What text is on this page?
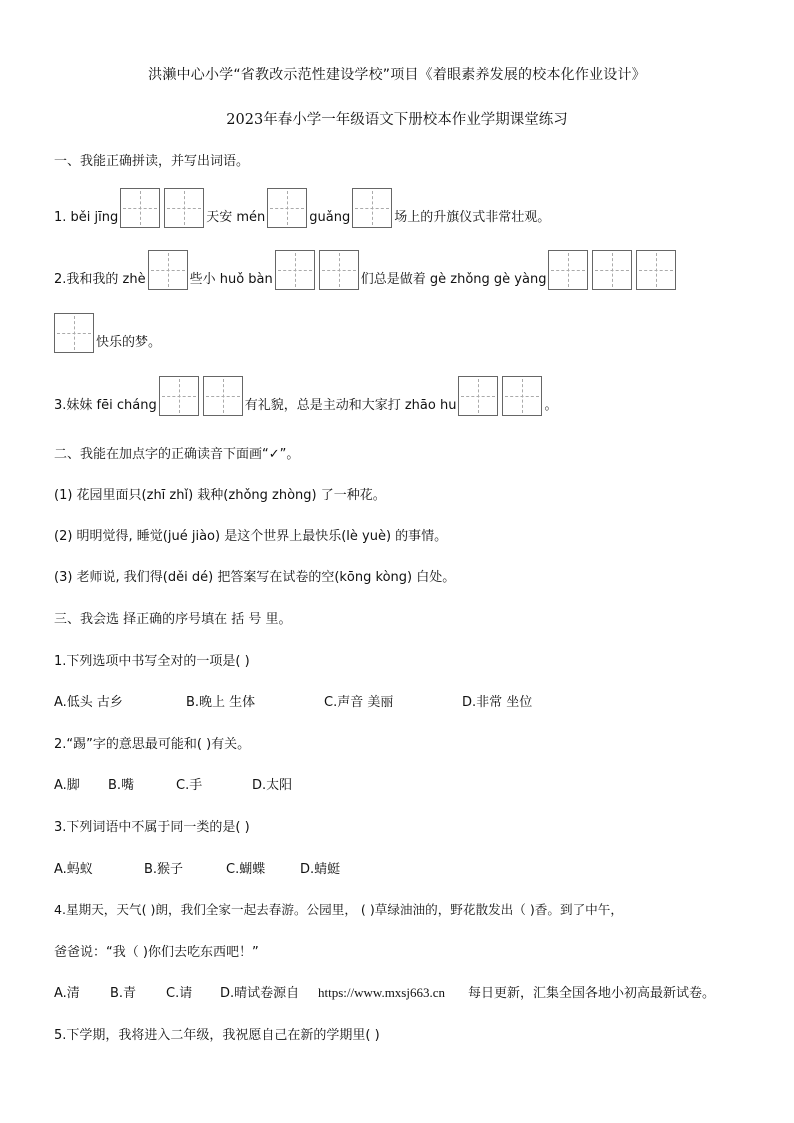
洪濑中心小学“省教改示范性建设学校”项目《着眼素养发展的校本化作业设计》
2023年春小学一年级语文下册校本作业学期课堂练习
一、我能正确拼读，并写出词语。
1. běi jīng	天安 mén	guǎng	场上的升旗仪式非常壮观。
2.我和我的 zhè	些小 huǒ bàn	们总是做着 gè zhǒng gè yàng
快乐的梦。
3.妹妹 fēi cháng	有礼貌，总是主动和大家打 zhāo hu	。
二、我能在加点字的正确读音下面画“✓”。
(1) 花园里面只(zhī zhǐ) 栽种(zhǒng zhòng) 了一种花。
(2) 明明觉得, 睡觉(jué jiào) 是这个世界上最快乐(lè yuè) 的事情。
(3) 老师说, 我们得(děi dé) 把答案写在试卷的空(kōng kòng) 白处。
三、我会选 择正确的序号填在 括 号 里。
1.下列选项中书写全对的一项是( )
A.低头 古乡	B.晚上 生体	C.声音 美丽	D.非常 坐位
2.“踢”字的意思最可能和( )有关。
A.脚 B.嘴	C.手	D.太阳
3.下列词语中不属于同一类的是( )
A.蚂蚁	B.猴子	C.蝴蝶	D.蜻蜓
4.星期天，天气( )朗，我们全家一起去春游。公园里， ( )草绿油油的，野花散发出（ )香。到了中午，
爸爸说：“我（ )你们去吃东西吧！”
A.清 B.青 C.请 D.晴试卷源自 https://www.mxsj663.cn 每日更新，汇集全国各地小初高最新试卷。
5.下学期，我将进入二年级，我祝愿自己在新的学期里( )
